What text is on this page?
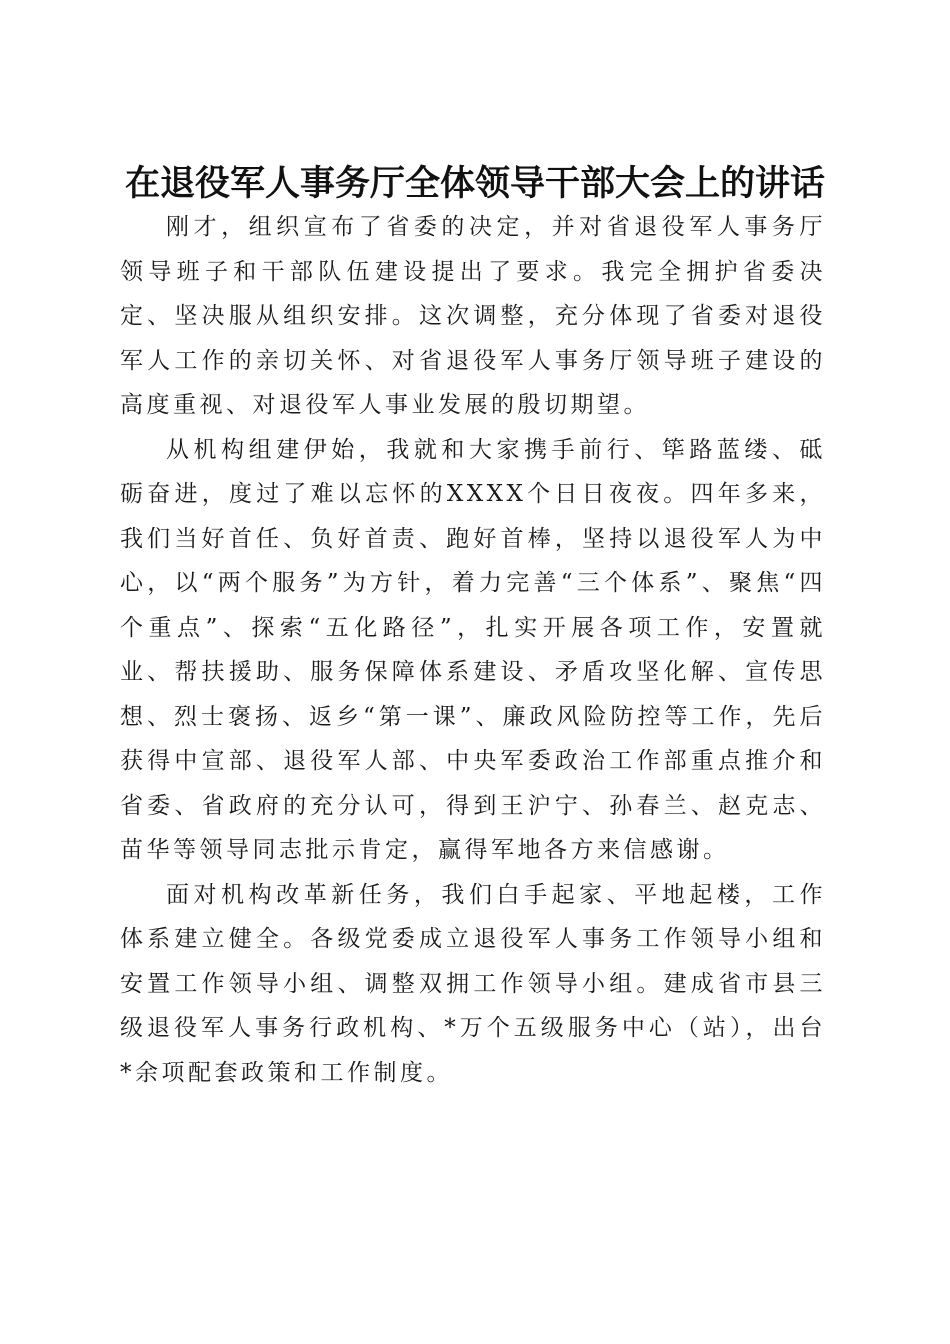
在退役军人事务厅全体领导干部大会上的讲话

刚才，组织宣布了省委的决定，并对省退役军人事务厅领导班子和干部队伍建设提出了要求。我完全拥护省委决定、坚决服从组织安排。这次调整，充分体现了省委对退役军人工作的亲切关怀、对省退役军人事务厅领导班子建设的高度重视、对退役军人事业发展的殷切期望。

从机构组建伊始，我就和大家携手前行、筚路蓝缕、砥砺奋进，度过了难以忘怀的XXXX个日日夜夜。四年多来，我们当好首任、负好首责、跑好首棒，坚持以退役军人为中心，以“两个服务”为方针，着力完善“三个体系”、聚焦“四个重点”、探索“五化路径”，扎实开展各项工作，安置就业、帮扶援助、服务保障体系建设、矛盾攻坚化解、宣传思想、烈士褒扬、返乡“第一课”、廉政风险防控等工作，先后获得中宣部、退役军人部、中央军委政治工作部重点推介和省委、省政府的充分认可，得到王沪宁、孙春兰、赵克志、苗华等领导同志批示肯定，赢得军地各方来信感谢。

面对机构改革新任务，我们白手起家、平地起楼，工作体系建立健全。各级党委成立退役军人事务工作领导小组和安置工作领导小组、调整双拥工作领导小组。建成省市县三级退役军人事务行政机构、*万个五级服务中心（站），出台*余项配套政策和工作制度。
